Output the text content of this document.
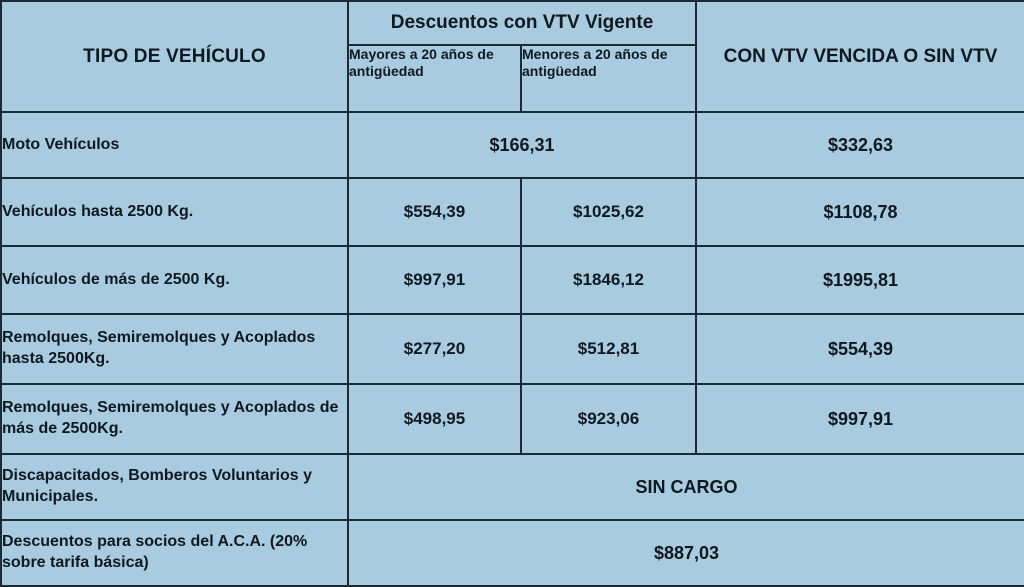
TIPO DE VEHÍCULO	Descuentos con VTV Vigente		CON VTV VENCIDA O SIN VTV
	Mayores a 20 años de antigüedad	Menores a 20 años de antigüedad	
Moto Vehículos	$166,31		$332,63
Vehículos hasta 2500 Kg.	$554,39	$1025,62	$1108,78
Vehículos de más de 2500 Kg.	$997,91	$1846,12	$1995,81
Remolques, Semiremolques y Acoplados hasta 2500Kg.	$277,20	$512,81	$554,39
Remolques, Semiremolques y Acoplados de más de 2500Kg.	$498,95	$923,06	$997,91
Discapacitados, Bomberos Voluntarios y Municipales.	SIN CARGO		
Descuentos para socios del A.C.A. (20% sobre tarifa básica)	$887,03		
